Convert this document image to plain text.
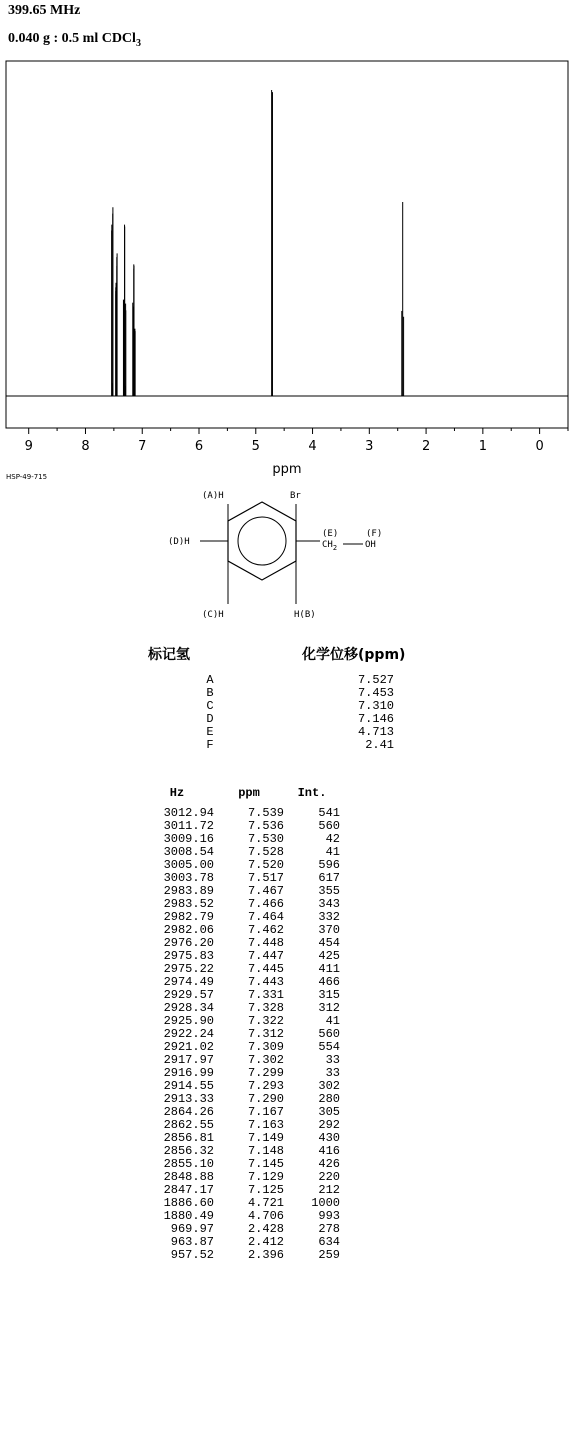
399.65 MHz
0.040 g : 0.5 ml CDCl$_3$
9	8	7	6	5	4	3	2	1	0
ppm
HSP-49-715
(A)H	Br
(D)H
(E)	(F)
$CH_2$	OH
(C)H	H(B)
标记氢	化学位移(ppm)
A	7.527
B	7.453
C	7.310
D	7.146
E	4.713
F	2.41
Hz	ppm	Int.
3012.94	7.539	541
3011.72	7.536	560
3009.16	7.530	42
3008.54	7.528	41
3005.00	7.520	596
3003.78	7.517	617
2983.89	7.467	355
2983.52	7.466	343
2982.79	7.464	332
2982.06	7.462	370
2976.20	7.448	454
2975.83	7.447	425
2975.22	7.445	411
2974.49	7.443	466
2929.57	7.331	315
2928.34	7.328	312
2925.90	7.322	41
2922.24	7.312	560
2921.02	7.309	554
2917.97	7.302	33
2916.99	7.299	33
2914.55	7.293	302
2913.33	7.290	280
2864.26	7.167	305
2862.55	7.163	292
2856.81	7.149	430
2856.32	7.148	416
2855.10	7.145	426
2848.88	7.129	220
2847.17	7.125	212
1886.60	4.721	1000
1880.49	4.706	993
969.97	2.428	278
963.87	2.412	634
957.52	2.396	259
